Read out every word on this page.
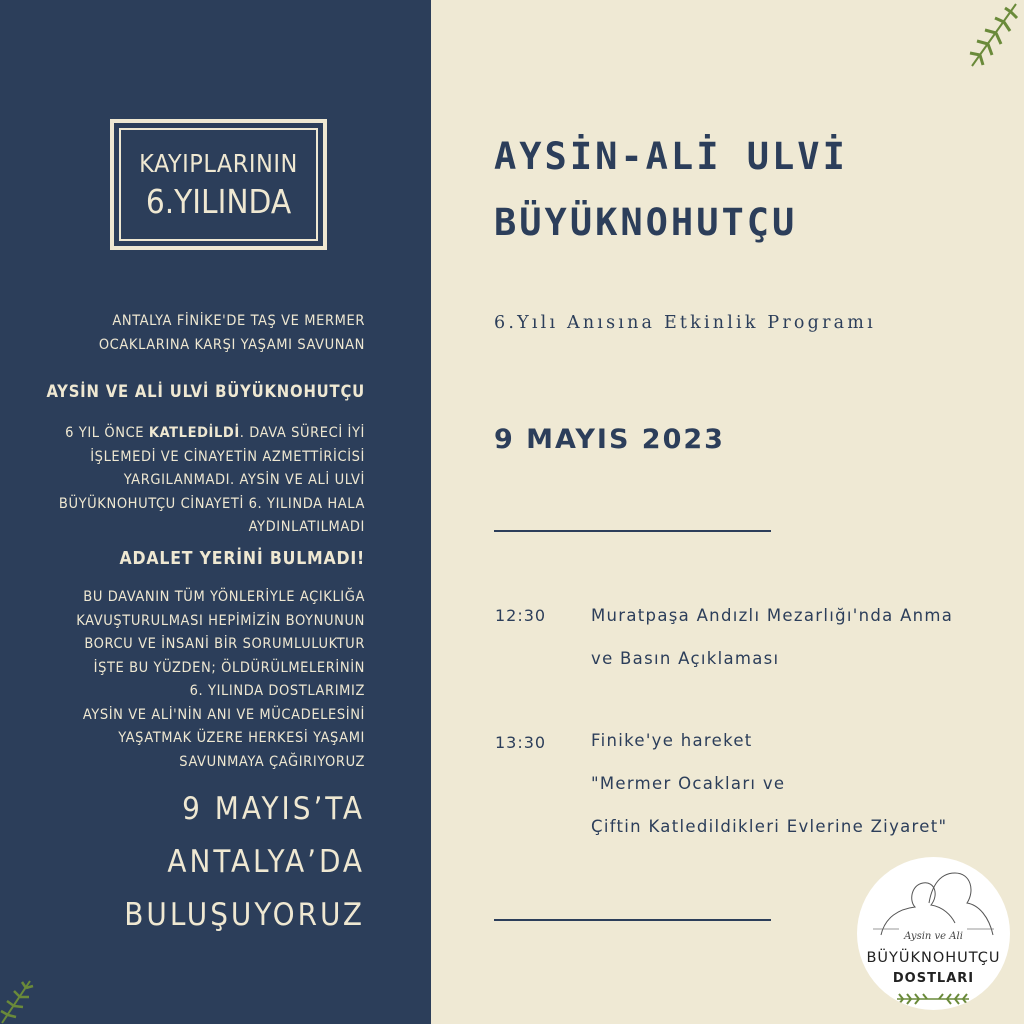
KAYIPLARININ
6.YILINDA
ANTALYA FİNİKE'DE TAŞ VE MERMER
OCAKLARINA KARŞI YAŞAMI SAVUNAN
AYSİN VE ALİ ULVİ BÜYÜKNOHUTÇU
6 YIL ÖNCE KATLEDİLDİ. DAVA SÜRECİ İYİ
İŞLEMEDİ VE CİNAYETİN AZMETTİRİCİSİ
YARGILANMADI. AYSİN VE ALİ ULVİ
BÜYÜKNOHUTÇU CİNAYETİ 6. YILINDA HALA
AYDINLATILMADI
ADALET YERİNİ BULMADI!
BU DAVANIN TÜM YÖNLERİYLE AÇIKLIĞA
KAVUŞTURULMASI HEPİMİZİN BOYNUNUN
BORCU VE İNSANİ BİR SORUMLULUKTUR
İŞTE BU YÜZDEN; ÖLDÜRÜLMELERİNİN
6. YILINDA DOSTLARIMIZ
AYSİN VE ALİ'NİN ANI VE MÜCADELESİNİ
YAŞATMAK ÜZERE HERKESİ YAŞAMI
SAVUNMAYA ÇAĞIRIYORUZ
9 MAYIS’TA
ANTALYA’DA
BULUŞUYORUZ
AYSİN-ALİ ULVİ
BÜYÜKNOHUTÇU
6.Yılı Anısına Etkinlik Programı
9 MAYIS 2023
12:30	Muratpaşa Andızlı Mezarlığı'nda Anma
ve Basın Açıklaması
13:30	Finike'ye hareket
"Mermer Ocakları ve
Çiftin Katledildikleri Evlerine Ziyaret"
Aysin ve Ali
BÜYÜKNOHUTÇU
DOSTLARI
